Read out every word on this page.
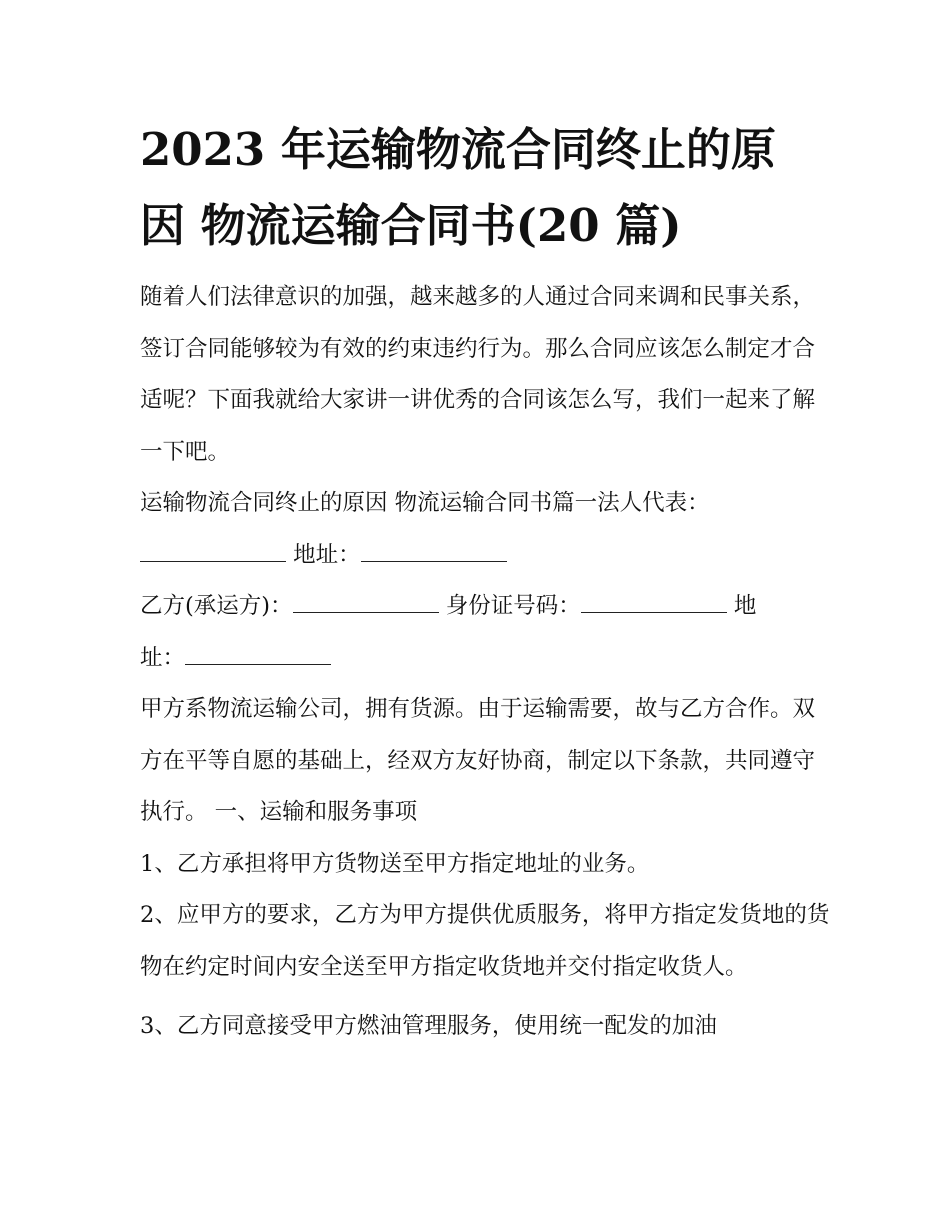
2023 年运输物流合同终止的原
因 物流运输合同书(20 篇)

随着人们法律意识的加强，越来越多的人通过合同来调和民事关系，签订合同能够较为有效的约束违约行为。那么合同应该怎么制定才合适呢？下面我就给大家讲一讲优秀的合同该怎么写，我们一起来了解一下吧。

运输物流合同终止的原因 物流运输合同书篇一法人代表：

地址：

乙方(承运方)：	身份证号码：	地
址：

甲方系物流运输公司，拥有货源。由于运输需要，故与乙方合作。双方在平等自愿的基础上，经双方友好协商，制定以下条款，共同遵守执行。 一、运输和服务事项

1、乙方承担将甲方货物送至甲方指定地址的业务。

2、应甲方的要求，乙方为甲方提供优质服务，将甲方指定发货地的货物在约定时间内安全送至甲方指定收货地并交付指定收货人。

3、乙方同意接受甲方燃油管理服务，使用统一配发的加油
